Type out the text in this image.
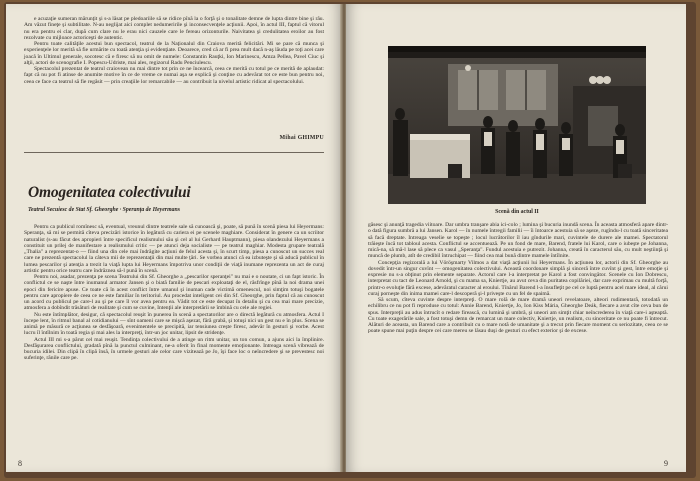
e acuzaţie sumeran mărunţit şi s-a lăsat pe pledoariile să se ridice pînă la o forţă şi o tonalitate demne de lupta dintre bine şi rău. Am văzut fineţe şi subtilitate. N-au neglijat aici complet nedumeririle şi inconsecvenţele acţiunii. Apoi, în actul III, faptul că vitorul nu era pentru ei clar, după cum clare nu le erau nici cauzele care le fereau orizonturile. Naivitatea şi credulitatea eroilor au fost rezolvate cu mijloace actoriceşti de autentic.

Pentru toate calităţile acestui bun spectacol, teatrul de la Naţionalul din Craiova merită felicitări. Mi se pare că munca şi experienţele lor merită să fie urmărite cu toată atenţia şi evidenţiate. Deoarece, cred că ar fi prea mult dacă n-aş lăuda pe toţi acei care joacă în Ultimul generale, socotesc că e firesc să nu omit de numele: Constantin Rauţki, Ion Marinescu, Amza Pellea, Pavel Ciuc şi alţii, actori de scenografie I. Popescu-Udriste, mai ales, regizorul Radu Penciulescu.

Spectacolul prezentat de teatrul craiovean nu mai dintre tot prin ce ne încearcă, ceea ce merită cu totul pe ce merită de aplaudat: fapt că nu pot fi atinse de anumite motive în ce de vreme ce numai aşa se explică şi conţine cu adevărat tot ce este bun pentru noi, ceea ce face ca teatrul să fie regăsit — prin creaţiile lor remarcabile — au contribuit la nivelul artistic ridicat al spectacolului.

Mihai GHIMPU
Omogenitatea colectivului
Teatrul Secuiesc de Stat Sf. Gheorghe · Speranţa de Heyermans

Pentru ca publicul romînesc să, eventual, vreunul dintre teatrele sale să cunoască şi, poate, să pună în scenă piesa lui Heyermans: Speranţa, să mi se permită cîteva precizări istorice în legătură cu cariera ei pe scenele maghiare. Considerat în genere ca un scriitor naturalist (s-au făcut des apropieri între specificul realismului său şi cel al lui Gerhard Hauptmann), piesa olandezului Heyermans a constituit un prilej de manifestare a realismului critic — pe atunci deja socialiste — pe teatrul maghiar. Modesta grupare teatrală „Thalia" a reprezentat-o — fiind una din cele mai îndrăgite acţiuni de felul acesta şi, în scurt timp, piesa a cunoscut un succes real care ne prezentă spectacolul la câteva mii de reprezentaţii din mai multe ţări. Se vorbea atunci că ea izbuteşte şi să aducă publicul în lumea pescarilor şi atenţia a trezit la viaţă lupta lui Heyermans împotriva unor condiţii de viaţă inumane reprezenta un act de curaj artistic pentru orice teatru care îndrăznea să-l pună în scenă.

Pentru noi, asadar, prezenţa pe scena Teatrului din Sf. Gheorghe a „pescarilor speranţei" nu mai e o noutate, ci un fapt istoric. În conflictul ce se naşte între inumanul armator Jansen şi o biată familie de pescari exploataţi de el, răsfrînge pînă la noi drama unei epoci din fericire apuse. Ce toate că în acest conflict între umanul şi inuman cade victimă omenescul, noi simţim totuşi bogatele pentru care apropiere de ceea ce ne este familiar în teritoriul. Au procedat inteligent cei din Sf. Gheorghe, prin faptul că au cunoscut un acord cu publicul pe care-l au şi pe care îl vor avea pentru ea. Vădit tot ce este decupat în detaliu şi cu cea mai mare precizie, atmosfera a dobîndit trăsături de realitate şi cum se cuvine, Intenţii ale interpretării se îmbină cu cele ale regiei.

Nu este întîmplător, desigur, că spectacolul reuşit în punerea în scenă a spectatorilor are o directă legătură cu atmosfera. Actul I începe lent, în ritmul banal al cotidianului — sînt oameni care se mişcă aşezat, fără grabă, şi totuşi nici un gest nu e în plus. Scena se animă pe măsură ce acţiunea se desfăşoară, evenimentele se precipită, iar tensiunea creşte firesc, adevăr în gesturi şi vorbe. Acest lucru îl întîlnim în toată regia şi mai ales la interpreţi, într-un joc unitar, lipsit de stridenţe.

Actul III mi s-a părut cel mai reuşit. Tendinţa colectivului de a atinge un ritm unitar, un ton comun, a ajuns aici la împlinire. Desfăşurarea conflictului, gradată pînă la punctul culminant, ne-a oferit în final momente emoţionante. Intreaga scenă vibrează de bucuria idilei. Din clipă în clipă însă, în urmele gesturi ale celor care vizitează pe Jo, îşi face loc o neîncredere şi se prevestesc noi suferinţe, rănile care pe.

8
Scenă din actul II

găsesc şi anunţă tragedia viitoare. Dar umbra tranşare abia ici-colo ; lumina şi bucuria inundă scena. În aceasta atmosferă apare dintr-o dată figura sumbră a lui Jansen. Karol — în numele întregii familii — îi întoarce acestuia să se aşeze, rugîndu-l cu toată sinceritatea să facă dreptate. Intreaga veselie se topeşte ; locul lucrătorilor îl iau gîndurile mari, cuvintele de durere ale mamei. Spectatorul trăieşte încă tot tabloul acesta. Conflictul se accentuează. Pe un fond de mare, Barend, fratele lui Karol, care o iubeşte pe Johanna, mică-na, să mă-l lase să plece ca vasul „Speranţa". Fundul acestuia e putrezit. Johanna, creată în caracterul său, cu mult neştiinţă şi muncă de plumb, atît de credibil întruchipat — fiind cea mai bună dintre mamele întîlnite.

Concepţia regizorală a lui Vöröşmarty Vilmos a dat viaţă acţiunii lui Heyermans. În acţiunea lor, actorii din Sf. Gheorghe au dovedit într-un singur cuvînt — omogenitatea colectivului. Această coordonare simplă şi sinceră între cuvînt şi gest, între emoţie şi expresie nu s-a obţinut prin elemente separate. Actorul care l-a interpretat pe Karol a fost convingător. Scenele cu Ion Dobrescu, interpretat cu tact de Leonard Arnold, şi cu mama sa, Kniertje, au avut ceva din puritatea copilăriei, dar care exprimau cu multă forţă, printr-o evoluţie fără excese, adevăratul caracter al eroului. Tînărul Barend l-a însufleţit pe cel ce luptă pentru acel mare ideal, al cărui curaj porneşte din inima mamei care-l descoperă şi-l priveşte cu un fel de spaimă.

Să scum, cîteva cuvinte despre interpreţi. O mare rolă de mare dramă uneori revelatoare, alteori rudimentară, totodată un echilibru ce nu pot fi reproduse cu totul: Annie Barend, Kniertje, Jo, Ion Kiss Mária, Gheorghe Deák, fiecare a avut cîte ceva bun de spus. Interpreţii au adus întrucît o redare firească, cu lumină şi umbră, şi uneori am simţit chiar neîncrederea în viaţă care-i aşteaptă. Cu toate exagerările sale, a fost totuşi demn de remarcat un mare colectiv, Kniertje, un realism, cu sinceritate ce nu poate fi întrecut. Alături de aceasta, un Barend care a contribuit cu o mare notă de umanitate şi a trecut prin fiecare moment cu seriozitate, ceea ce se poate spune mai puţin despre cei care mereu se lăsau duşi de gesturi cu efect exterior şi de excese.

9
